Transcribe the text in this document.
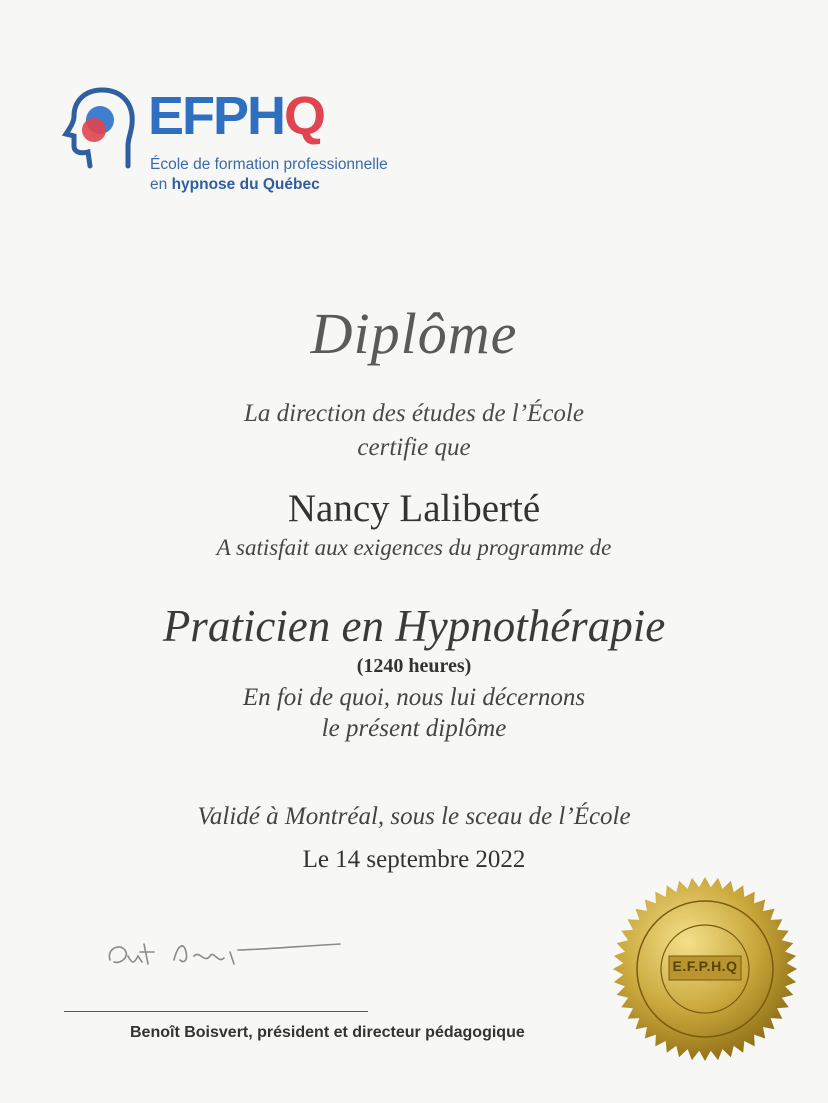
EFPHQ
École de formation professionnelle
en hypnose du Québec
Diplôme
La direction des études de l’École
certifie que
Nancy Laliberté
A satisfait aux exigences du programme de
Praticien en Hypnothérapie
(1240 heures)
En foi de quoi, nous lui décernons
le présent diplôme
Validé à Montréal, sous le sceau de l’École
Le 14 septembre 2022
Benoît Boisvert, président et directeur pédagogique
E.F.P.H.Q
